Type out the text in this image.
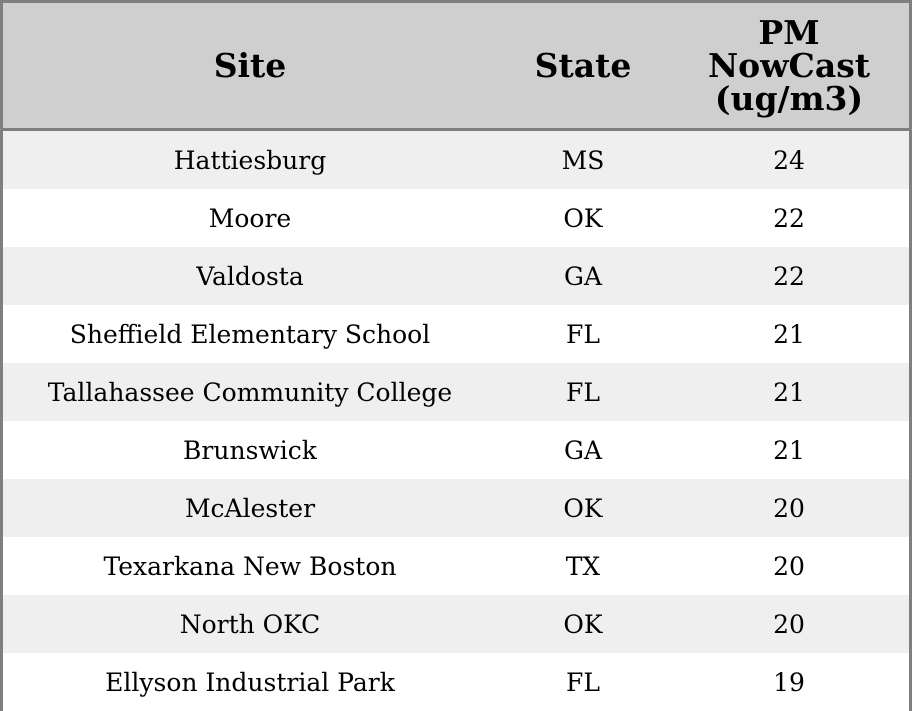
Site	State	PM
NowCast
(ug/m3)
Hattiesburg	MS	24
Moore	OK	22
Valdosta	GA	22
Sheffield Elementary School	FL	21
Tallahassee Community College	FL	21
Brunswick	GA	21
McAlester	OK	20
Texarkana New Boston	TX	20
North OKC	OK	20
Ellyson Industrial Park	FL	19
